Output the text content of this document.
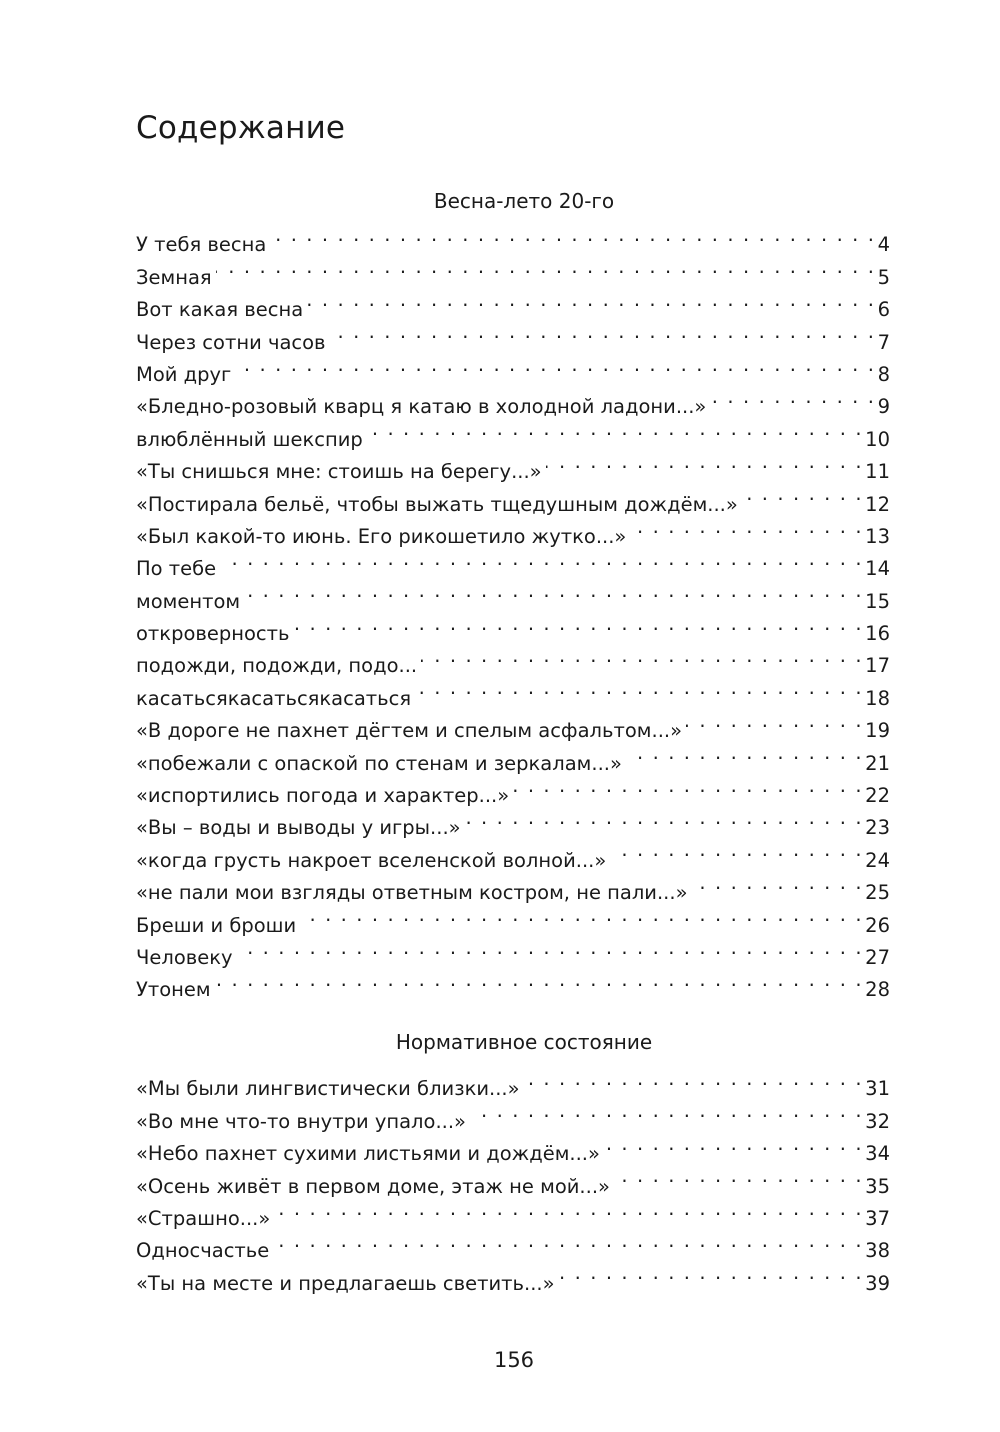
Содержание
Весна-лето 20-го
У тебя весна . . .	4
Земная . . .	5
Вот какая весна . . .	6
Через сотни часов . . .	7
Мой друг . . .	8
«Бледно-розовый кварц я катаю в холодной ладони...» . . .	9
влюблённый шекспир . . .	10
«Ты снишься мне: стоишь на берегу...» . . .	11
«Постирала бельё, чтобы выжать тщедушным дождём...» . . .	12
«Был какой-то июнь. Его рикошетило жутко...» . . .	13
По тебе . . .	14
моментом . . .	15
откроверность . . .	16
подожди, подожди, подо... . . .	17
касатьсякасатьсякасаться . . .	18
«В дороге не пахнет дёгтем и спелым асфальтом...» . . .	19
«побежали с опаской по стенам и зеркалам...» . . .	21
«испортились погода и характер...» . . .	22
«Вы – воды и выводы у игры...» . . .	23
«когда грусть накроет вселенской волной...» . . .	24
«не пали мои взгляды ответным костром, не пали...» . . .	25
Бреши и броши . . .	26
Человеку . . .	27
Утонем . . .	28
Нормативное состояние
«Мы были лингвистически близки...» . . .	31
«Во мне что-то внутри упало...» . . .	32
«Небо пахнет сухими листьями и дождём...» . . .	34
«Осень живёт в первом доме, этаж не мой...» . . .	35
«Страшно...» . . .	37
Односчастье . . .	38
«Ты на месте и предлагаешь светить...» . . .	39
156
